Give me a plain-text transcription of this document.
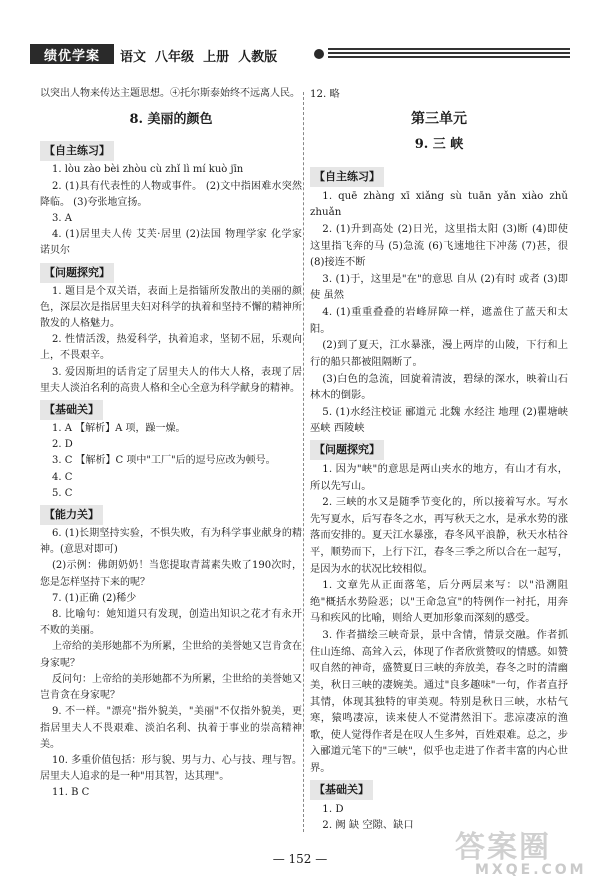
绩优学案	语文  八年级  上册  人教版

以突出人物来传达主题思想。④托尔斯泰始终不远离人民。

8. 美丽的颜色
【自主练习】

1. lòu zào bèi zhòu cù zhǐ lì mí kuò jīn

2. (1)具有代表性的人物或事件。 (2)文中指困难水突然降临。 (3)夸张地宣扬。

3. A

4. (1)居里夫人传 艾芙·居里 (2)法国 物理学家 化学家 诺贝尔

【问题探究】

1. 题目是个双关语，表面上是指镭所发散出的美丽的颜色，深层次是指居里夫妇对科学的执着和坚持不懈的精神所散发的人格魅力。

2. 性情活泼，热爱科学，执着追求，坚韧不屈，乐观向上，不畏艰辛。

3. 爱因斯坦的话肯定了居里夫人的伟大人格，表现了居里夫人淡泊名利的高贵人格和全心全意为科学献身的精神。

【基础关】

1. A 【解析】A 项，躁一燥。

2. D

3. C 【解析】C 项中"工厂"后的逗号应改为顿号。

4. C

5. C

【能力关】

6. (1)长期坚持实验，不惧失败，有为科学事业献身的精神。(意思对即可)

(2)示例：佛朗奶奶！当您提取青蒿素失败了190次时，您是怎样坚持下来的呢？

7. (1)正确 (2)稀少

8. 比喻句：她知道只有发现，创造出知识之花才有永开不败的美丽。

上帝给的美形她都不为所累，尘世给的美誉她又岂肯贪在身家呢？

反问句：上帝给的美形她都不为所累，尘世给的美誉她又岂肯贪在身家呢？

9. 不一样。"漂亮"指外貌美，"美丽"不仅指外貌美，更指居里夫人不畏艰难、淡泊名利、执着于事业的崇高精神美。

10. 多重价值包括：形与貌、男与力、心与技、理与智。居里夫人追求的是一种"用其智，达其理"。

11. B C

12. 略

第三单元
9. 三 峡
【自主练习】

1. quē zhàng xī xiǎng sù tuān yǎn xiào zhǔ zhuǎn

2. (1)升到高处 (2)日光，这里指太阳 (3)断 (4)即使 这里指飞奔的马 (5)急流 (6)飞速地往下冲荡 (7)甚，很 (8)接连不断

3. (1)于，这里是"在"的意思 自从 (2)有时 或者 (3)即使 虽然

4. (1)重重叠叠的岩峰屏障一样，遮盖住了蓝天和太阳。

(2)到了夏天，江水暴涨，漫上两岸的山陵，下行和上行的船只都被阻隔断了。

(3)白色的急流，回旋着清波，碧绿的深水，映着山石林木的倒影。

5. (1)水经注校证 郦道元 北魏 水经注 地理 (2)瞿塘峡 巫峡 西陵峡

【问题探究】

1. 因为"峡"的意思是两山夹水的地方，有山才有水，所以先写山。

2. 三峡的水又是随季节变化的，所以接着写水。写水先写夏水，后写春冬之水，再写秋天之水，是承水势的涨落而安排的。夏天江水暴涨，春冬风平浪静，秋天水枯谷平，顺势而下，上行下江，春冬三季之所以合在一起写，是因为水的状况比较相似。

1. 文章先从正面落笔，后分两层来写：以"沿溯阻绝"概括水势险恶；以"王命急宣"的特例作一衬托，用奔马和疾风的比喻，则给人更加形象而深刻的感受。

3. 作者描绘三峡奇景，景中含情，情景交融。作者抓住山连绵、高耸入云，体现了作者欣赏赞叹的情感。如赞叹自然的神奇，盛赞夏日三峡的奔放美，春冬之时的清幽美，秋日三峡的凄婉美。通过"良多趣味"一句，作者直抒其情，体现其独特的审美观。特别是秋日三峡，水枯气寒，猿鸣凄凉，读来使人不觉潸然泪下。悲凉凄凉的渔歌，使人觉得作者是在叹人生多舛，百姓艰难。总之，步入郦道元笔下的"三峡"，似乎也走进了作者丰富的内心世界。

【基础关】

1. D

2. 阙 缺 空隙、缺口

— 152 —	答案圈
MXQE.COM
